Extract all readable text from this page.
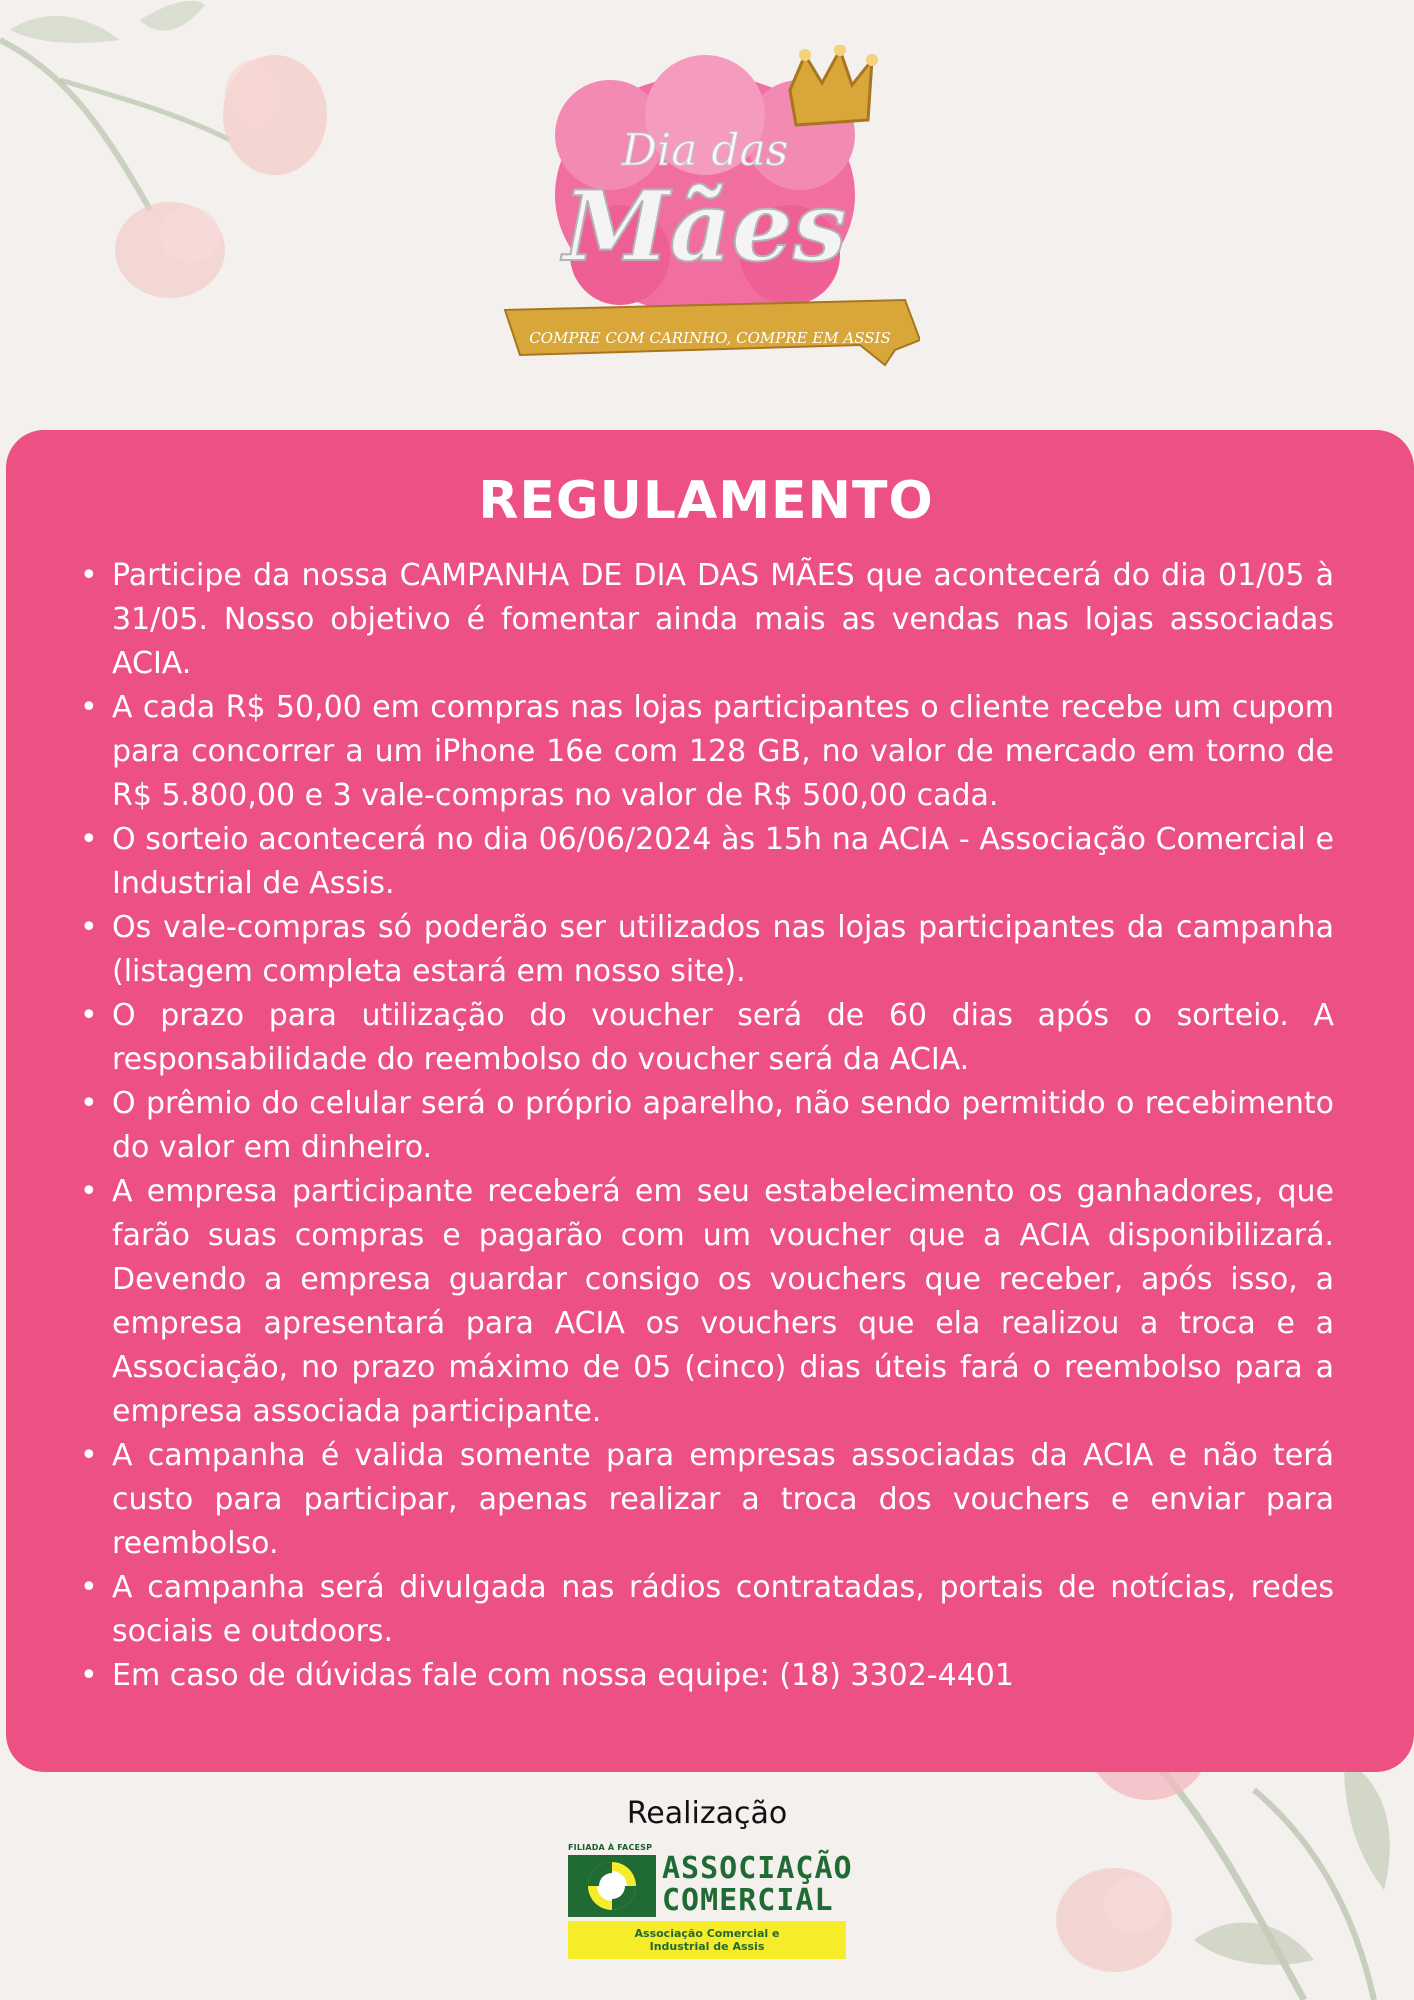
Dia das
Mães
COMPRE COM CARINHO, COMPRE EM ASSIS
REGULAMENTO
• Participe da nossa CAMPANHA DE DIA DAS MÃES que acontecerá do dia 01/05 à 31/05. Nosso objetivo é fomentar ainda mais as vendas nas lojas associadas ACIA.
• A cada R$ 50,00 em compras nas lojas participantes o cliente recebe um cupom para concorrer a um iPhone 16e com 128 GB, no valor de mercado em torno de R$ 5.800,00 e 3 vale-compras no valor de R$ 500,00 cada.
• O sorteio acontecerá no dia 06/06/2024 às 15h na ACIA - Associação Comercial e Industrial de Assis.
• Os vale-compras só poderão ser utilizados nas lojas participantes da campanha (listagem completa estará em nosso site).
• O prazo para utilização do voucher será de 60 dias após o sorteio. A responsabilidade do reembolso do voucher será da ACIA.
• O prêmio do celular será o próprio aparelho, não sendo permitido o recebimento do valor em dinheiro.
• A empresa participante receberá em seu estabelecimento os ganhadores, que farão suas compras e pagarão com um voucher que a ACIA disponibilizará. Devendo a empresa guardar consigo os vouchers que receber, após isso, a empresa apresentará para ACIA os vouchers que ela realizou a troca e a Associação, no prazo máximo de 05 (cinco) dias úteis fará o reembolso para a empresa associada participante.
• A campanha é valida somente para empresas associadas da ACIA e não terá custo para participar, apenas realizar a troca dos vouchers e enviar para reembolso.
• A campanha será divulgada nas rádios contratadas, portais de notícias, redes sociais e outdoors.
• Em caso de dúvidas fale com nossa equipe: (18) 3302-4401
Realização
FILIADA À FACESP
ASSOCIAÇÃO
COMERCIAL
Associação Comercial e
Industrial de Assis
